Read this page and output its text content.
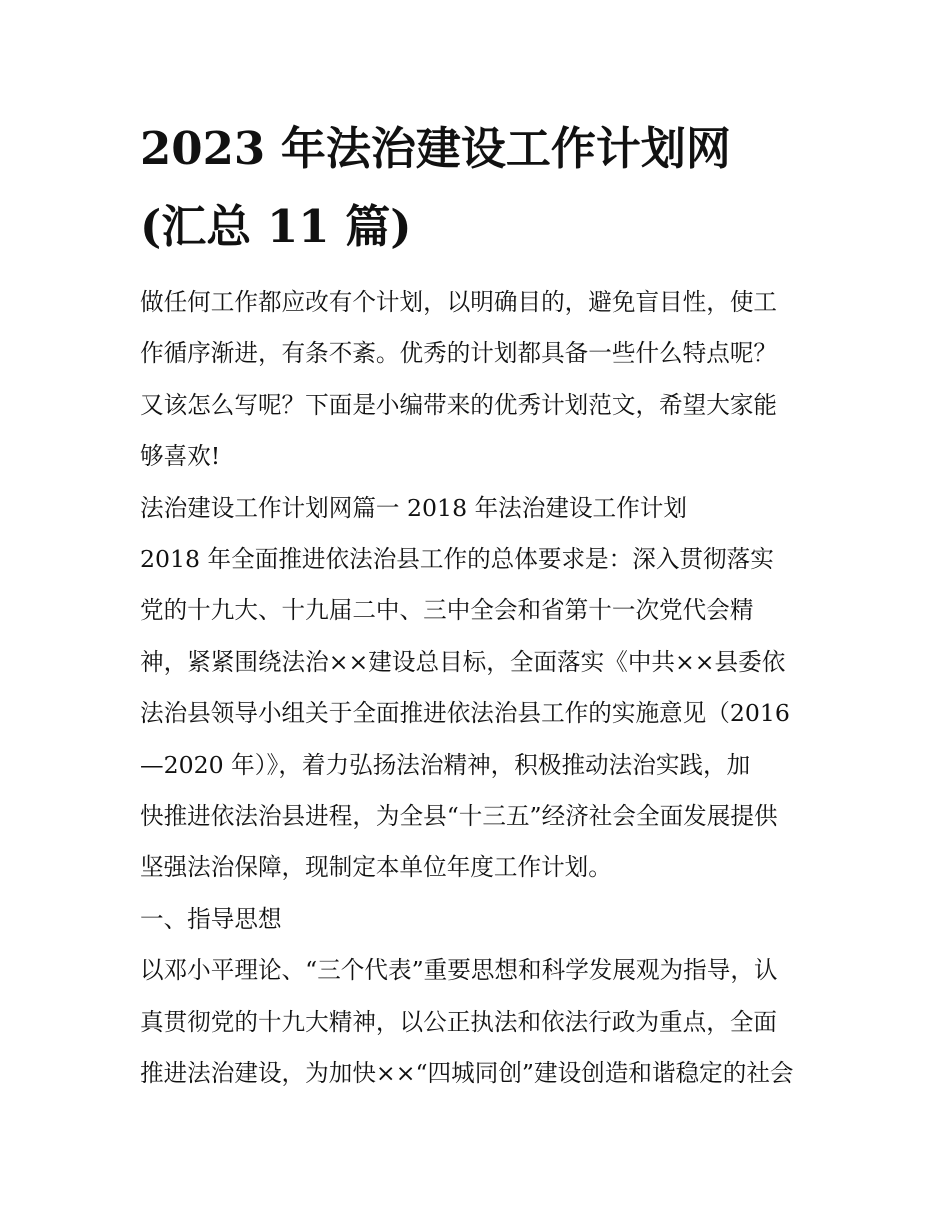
2023 年法治建设工作计划网
(汇总 11 篇)
做任何工作都应改有个计划，以明确目的，避免盲目性，使工
作循序渐进，有条不紊。优秀的计划都具备一些什么特点呢？
又该怎么写呢？下面是小编带来的优秀计划范文，希望大家能
够喜欢!
法治建设工作计划网篇一 2018 年法治建设工作计划
2018 年全面推进依法治县工作的总体要求是：深入贯彻落实
党的十九大、十九届二中、三中全会和省第十一次党代会精
神，紧紧围绕法治××建设总目标，全面落实《中共××县委依
法治县领导小组关于全面推进依法治县工作的实施意见（2016
—2020 年）》，着力弘扬法治精神，积极推动法治实践，加
快推进依法治县进程，为全县“十三五”经济社会全面发展提供
坚强法治保障，现制定本单位年度工作计划。
一、指导思想
以邓小平理论、“三个代表”重要思想和科学发展观为指导，认
真贯彻党的十九大精神，以公正执法和依法行政为重点，全面
推进法治建设，为加快××“四城同创”建设创造和谐稳定的社会
